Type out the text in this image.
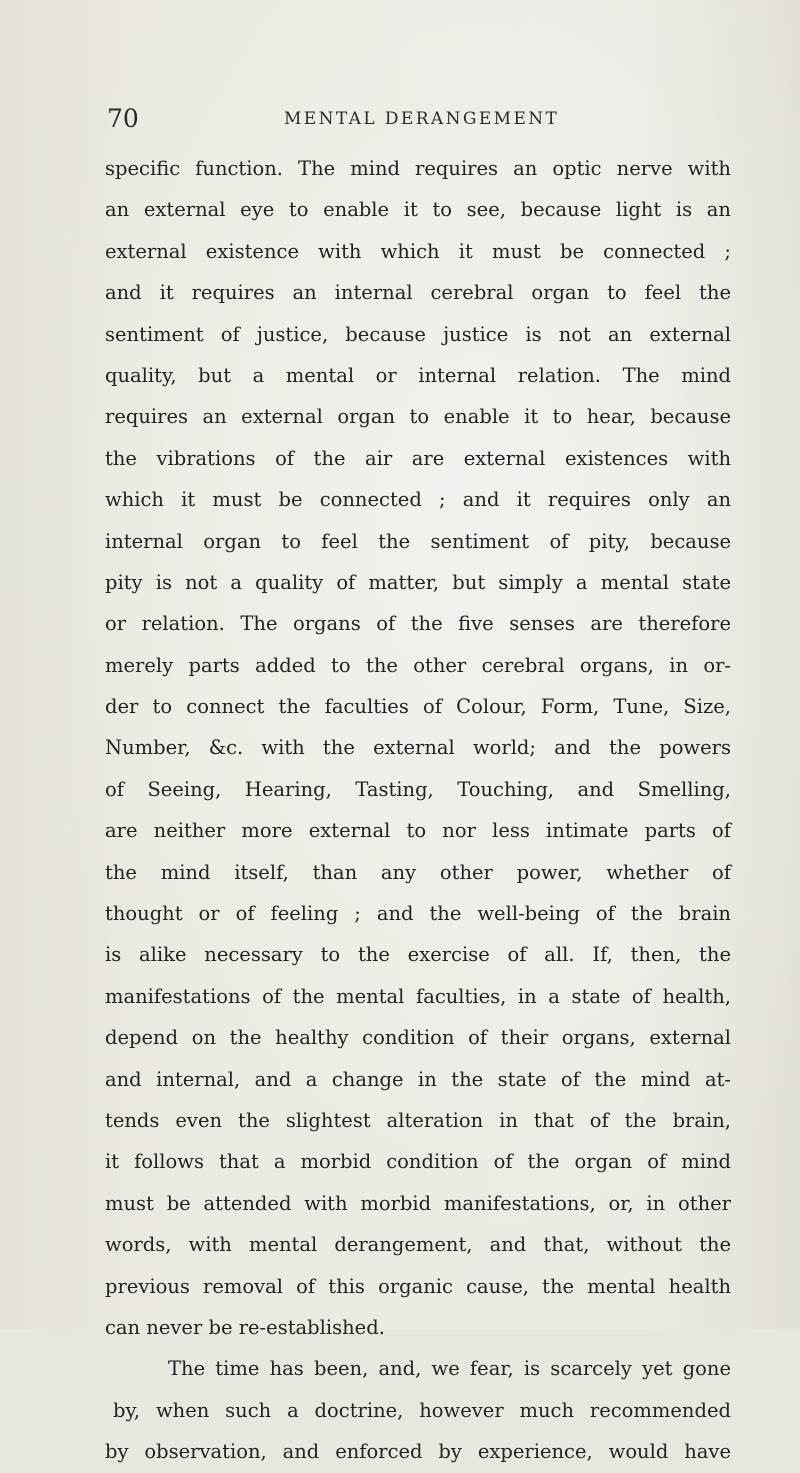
70	MENTAL DERANGEMENT
specific function. The mind requires an optic nerve with
an external eye to enable it to see, because light is an
external existence with which it must be connected ;
and it requires an internal cerebral organ to feel the
sentiment of justice, because justice is not an external
quality, but a mental or internal relation. The mind
requires an external organ to enable it to hear, because
the vibrations of the air are external existences with
which it must be connected ; and it requires only an
internal organ to feel the sentiment of pity, because
pity is not a quality of matter, but simply a mental state
or relation. The organs of the five senses are therefore
merely parts added to the other cerebral organs, in or-
der to connect the faculties of Colour, Form, Tune, Size,
Number, &c. with the external world; and the powers
of Seeing, Hearing, Tasting, Touching, and Smelling,
are neither more external to nor less intimate parts of
the mind itself, than any other power, whether of
thought or of feeling ; and the well-being of the brain
is alike necessary to the exercise of all. If, then, the
manifestations of the mental faculties, in a state of health,
depend on the healthy condition of their organs, external
and internal, and a change in the state of the mind at-
tends even the slightest alteration in that of the brain,
it follows that a morbid condition of the organ of mind
must be attended with morbid manifestations, or, in other
words, with mental derangement, and that, without the
previous removal of this organic cause, the mental health
can never be re-established.
The time has been, and, we fear, is scarcely yet gone
by, when such a doctrine, however much recommended
by observation, and enforced by experience, would have
